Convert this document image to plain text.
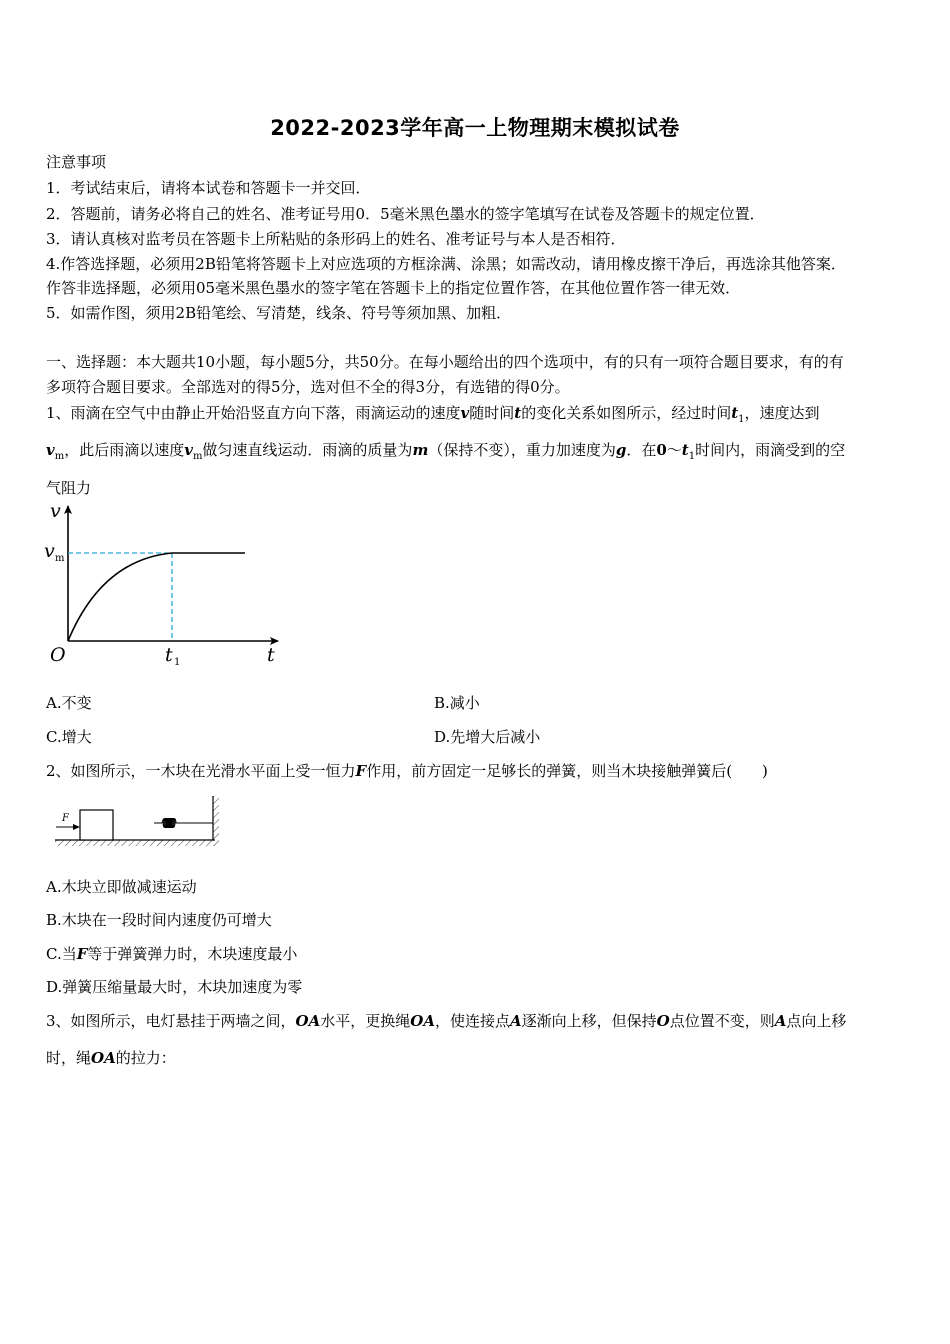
2022-2023学年高一上物理期末模拟试卷
注意事项
1．考试结束后，请将本试卷和答题卡一并交回．
2．答题前，请务必将自己的姓名、准考证号用0．5毫米黑色墨水的签字笔填写在试卷及答题卡的规定位置．
3．请认真核对监考员在答题卡上所粘贴的条形码上的姓名、准考证号与本人是否相符．
4.作答选择题，必须用2B铅笔将答题卡上对应选项的方框涂满、涂黑；如需改动，请用橡皮擦干净后，再选涂其他答案．
作答非选择题，必须用05毫米黑色墨水的签字笔在答题卡上的指定位置作答，在其他位置作答一律无效．
5．如需作图，须用2B铅笔绘、写清楚，线条、符号等须加黑、加粗．
一、选择题：本大题共10小题，每小题5分，共50分。在每小题给出的四个选项中，有的只有一项符合题目要求，有的有
多项符合题目要求。全部选对的得5分，选对但不全的得3分，有选错的得0分。
1、雨滴在空气中由静止开始沿竖直方向下落，雨滴运动的速度v随时间t的变化关系如图所示，经过时间$t_1$，速度达到
$v_m$，此后雨滴以速度$v_m$做匀速直线运动．雨滴的质量为m（保持不变），重力加速度为g．在$0\sim t_1$时间内，雨滴受到的空
气阻力
v
v m
O	t 1	t
A.不变	B.减小
C.增大	D.先增大后减小
2、如图所示，一木块在光滑水平面上受一恒力F作用，前方固定一足够长的弹簧，则当木块接触弹簧后(　　)
F
A.木块立即做减速运动
B.木块在一段时间内速度仍可增大
C.当F等于弹簧弹力时，木块速度最小
D.弹簧压缩量最大时，木块加速度为零
3、如图所示，电灯悬挂于两墙之间，OA水平，更换绳OA，使连接点A逐渐向上移，但保持O点位置不变，则A点向上移
时，绳OA的拉力：
